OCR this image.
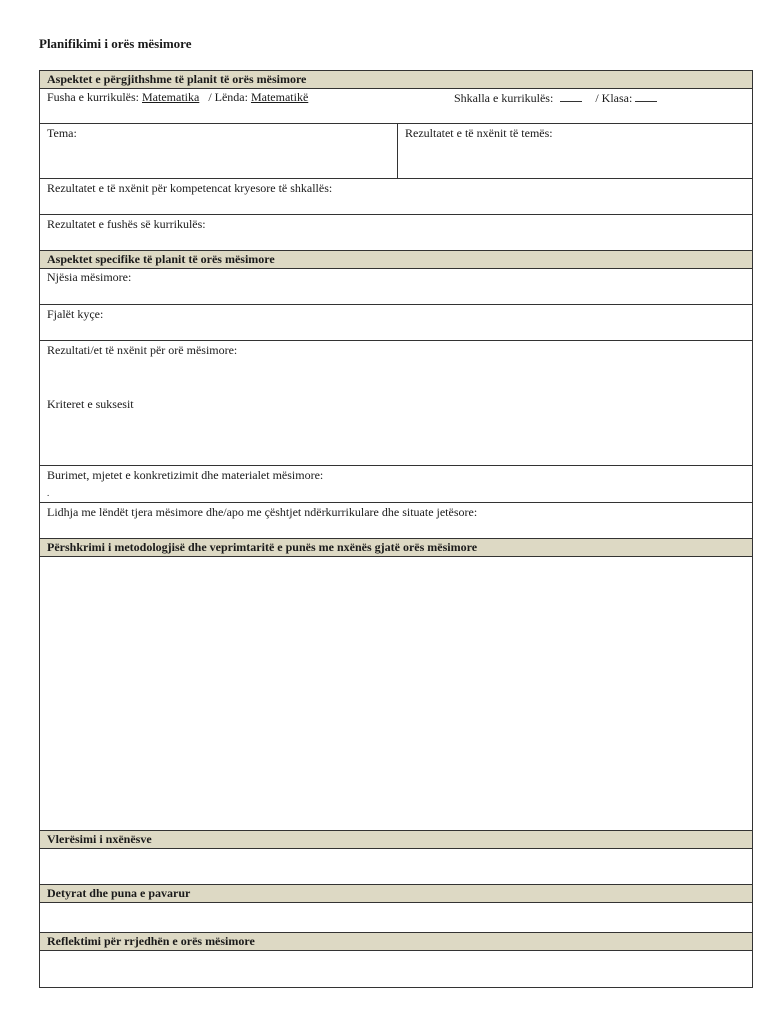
Planifikimi i orës mësimore
Aspektet e përgjithshme të planit të orës mësimore
Fusha e kurrikulës: Matematika / Lënda: Matematikë	Shkalla e kurrikulës:	/ Klasa:
Tema:	Rezultatet e të nxënit të temës:
Rezultatet e të nxënit për kompetencat kryesore të shkallës:
Rezultatet e fushës së kurrikulës:
Aspektet specifike të planit të orës mësimore
Njësia mësimore:
Fjalët kyçe:
Rezultati/et të nxënit për orë mësimore:
Kriteret e suksesit
Burimet, mjetet e konkretizimit dhe materialet mësimore:
.
Lidhja me lëndët tjera mësimore dhe/apo me çështjet ndërkurrikulare dhe situate jetësore:
Përshkrimi i metodologjisë dhe veprimtaritë e punës me nxënës gjatë orës mësimore
Vlerësimi i nxënësve
Detyrat dhe puna e pavarur
Reflektimi për rrjedhën e orës mësimore
